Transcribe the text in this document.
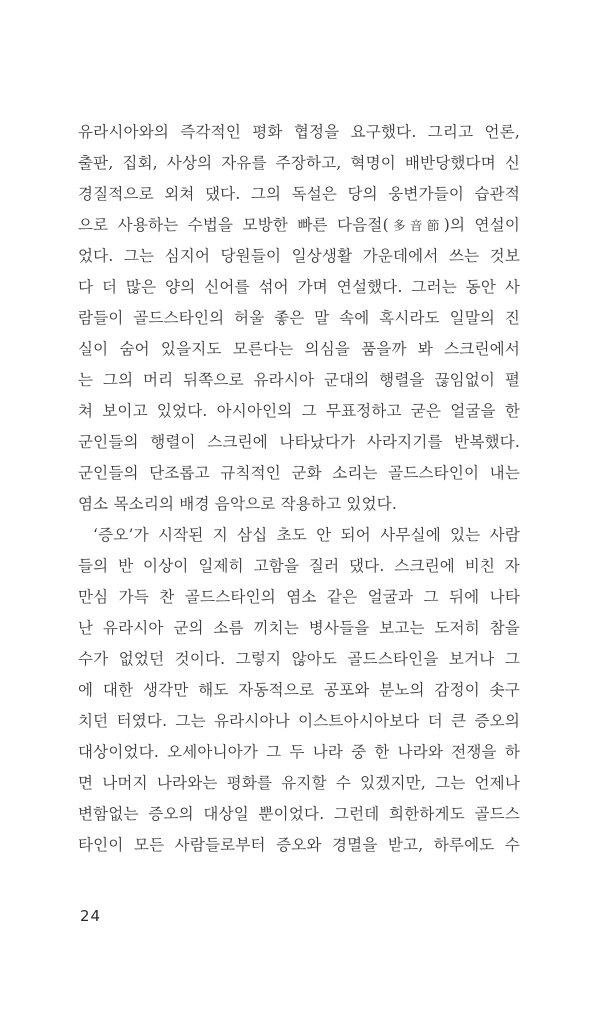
유라시아와의 즉각적인 평화 협정을 요구했다. 그리고 언론,
출판, 집회, 사상의 자유를 주장하고, 혁명이 배반당했다며 신
경질적으로 외쳐 댔다. 그의 독설은 당의 웅변가들이 습관적
으로 사용하는 수법을 모방한 빠른 다음절(多音節)의 연설이
었다. 그는 심지어 당원들이 일상생활 가운데에서 쓰는 것보
다 더 많은 양의 신어를 섞어 가며 연설했다. 그러는 동안 사
람들이 골드스타인의 허울 좋은 말 속에 혹시라도 일말의 진
실이 숨어 있을지도 모른다는 의심을 품을까 봐 스크린에서
는 그의 머리 뒤쪽으로 유라시아 군대의 행렬을 끊임없이 펼
쳐 보이고 있었다. 아시아인의 그 무표정하고 굳은 얼굴을 한
군인들의 행렬이 스크린에 나타났다가 사라지기를 반복했다.
군인들의 단조롭고 규칙적인 군화 소리는 골드스타인이 내는
염소 목소리의 배경 음악으로 작용하고 있었다.
‘증오’가 시작된 지 삼십 초도 안 되어 사무실에 있는 사람
들의 반 이상이 일제히 고함을 질러 댔다. 스크린에 비친 자
만심 가득 찬 골드스타인의 염소 같은 얼굴과 그 뒤에 나타
난 유라시아 군의 소름 끼치는 병사들을 보고는 도저히 참을
수가 없었던 것이다. 그렇지 않아도 골드스타인을 보거나 그
에 대한 생각만 해도 자동적으로 공포와 분노의 감정이 솟구
치던 터였다. 그는 유라시아나 이스트아시아보다 더 큰 증오의
대상이었다. 오세아니아가 그 두 나라 중 한 나라와 전쟁을 하
면 나머지 나라와는 평화를 유지할 수 있겠지만, 그는 언제나
변함없는 증오의 대상일 뿐이었다. 그런데 희한하게도 골드스
타인이 모든 사람들로부터 증오와 경멸을 받고, 하루에도 수
24
